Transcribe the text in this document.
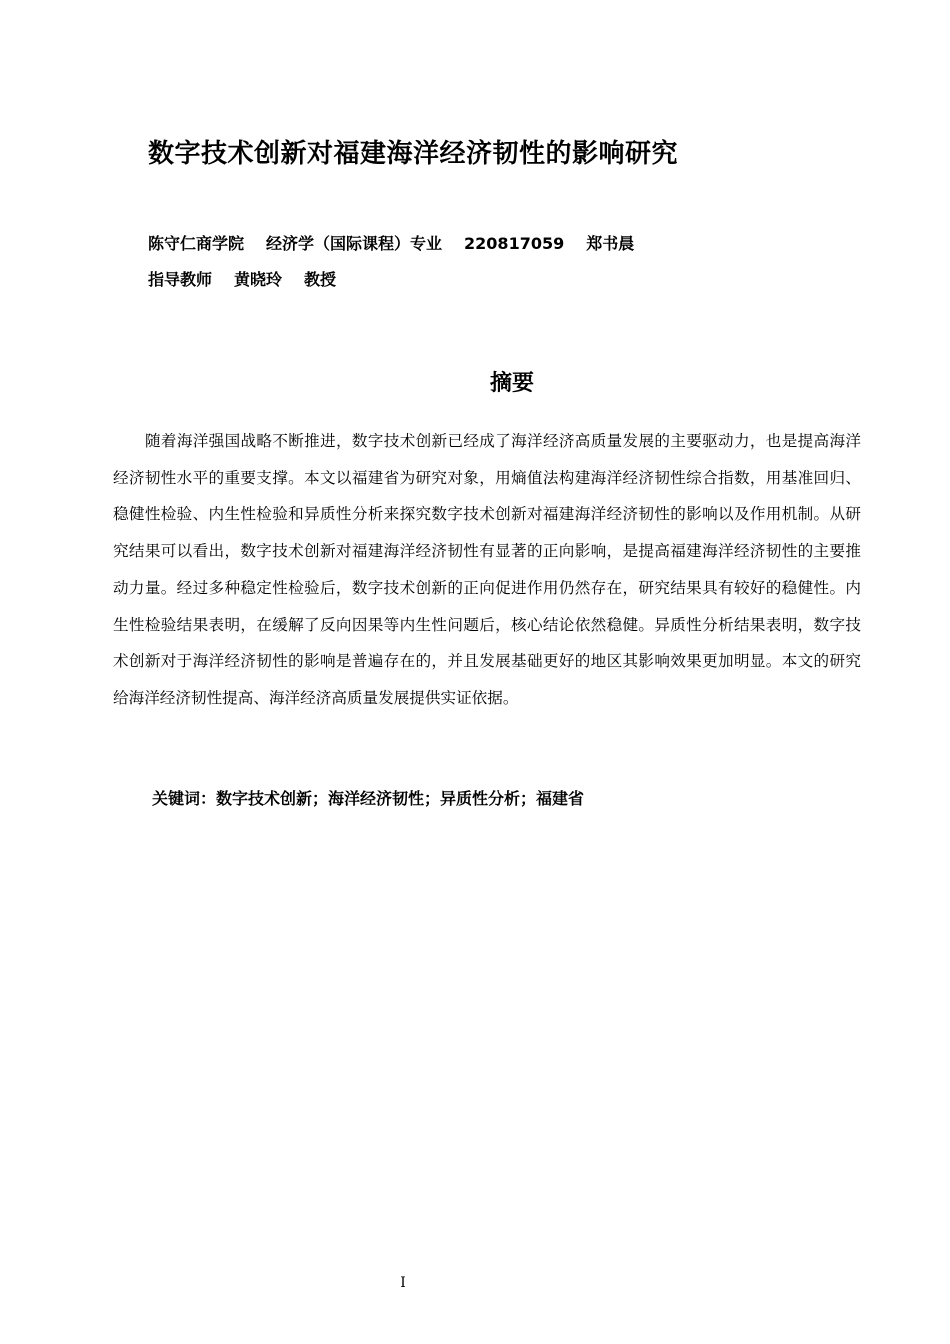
数字技术创新对福建海洋经济韧性的影响研究
陈守仁商学院 经济学（国际课程）专业 220817059 郑书晨
指导教师 黄晓玲 教授
摘要

随着海洋强国战略不断推进，数字技术创新已经成了海洋经济高质量发展的主要驱动力，也是提高海洋经济韧性水平的重要支撑。本文以福建省为研究对象，用熵值法构建海洋经济韧性综合指数，用基准回归、稳健性检验、内生性检验和异质性分析来探究数字技术创新对福建海洋经济韧性的影响以及作用机制。从研究结果可以看出，数字技术创新对福建海洋经济韧性有显著的正向影响，是提高福建海洋经济韧性的主要推动力量。经过多种稳定性检验后，数字技术创新的正向促进作用仍然存在，研究结果具有较好的稳健性。内生性检验结果表明，在缓解了反向因果等内生性问题后，核心结论依然稳健。异质性分析结果表明，数字技术创新对于海洋经济韧性的影响是普遍存在的，并且发展基础更好的地区其影响效果更加明显。本文的研究给海洋经济韧性提高、海洋经济高质量发展提供实证依据。

关键词：数字技术创新；海洋经济韧性；异质性分析；福建省
I
